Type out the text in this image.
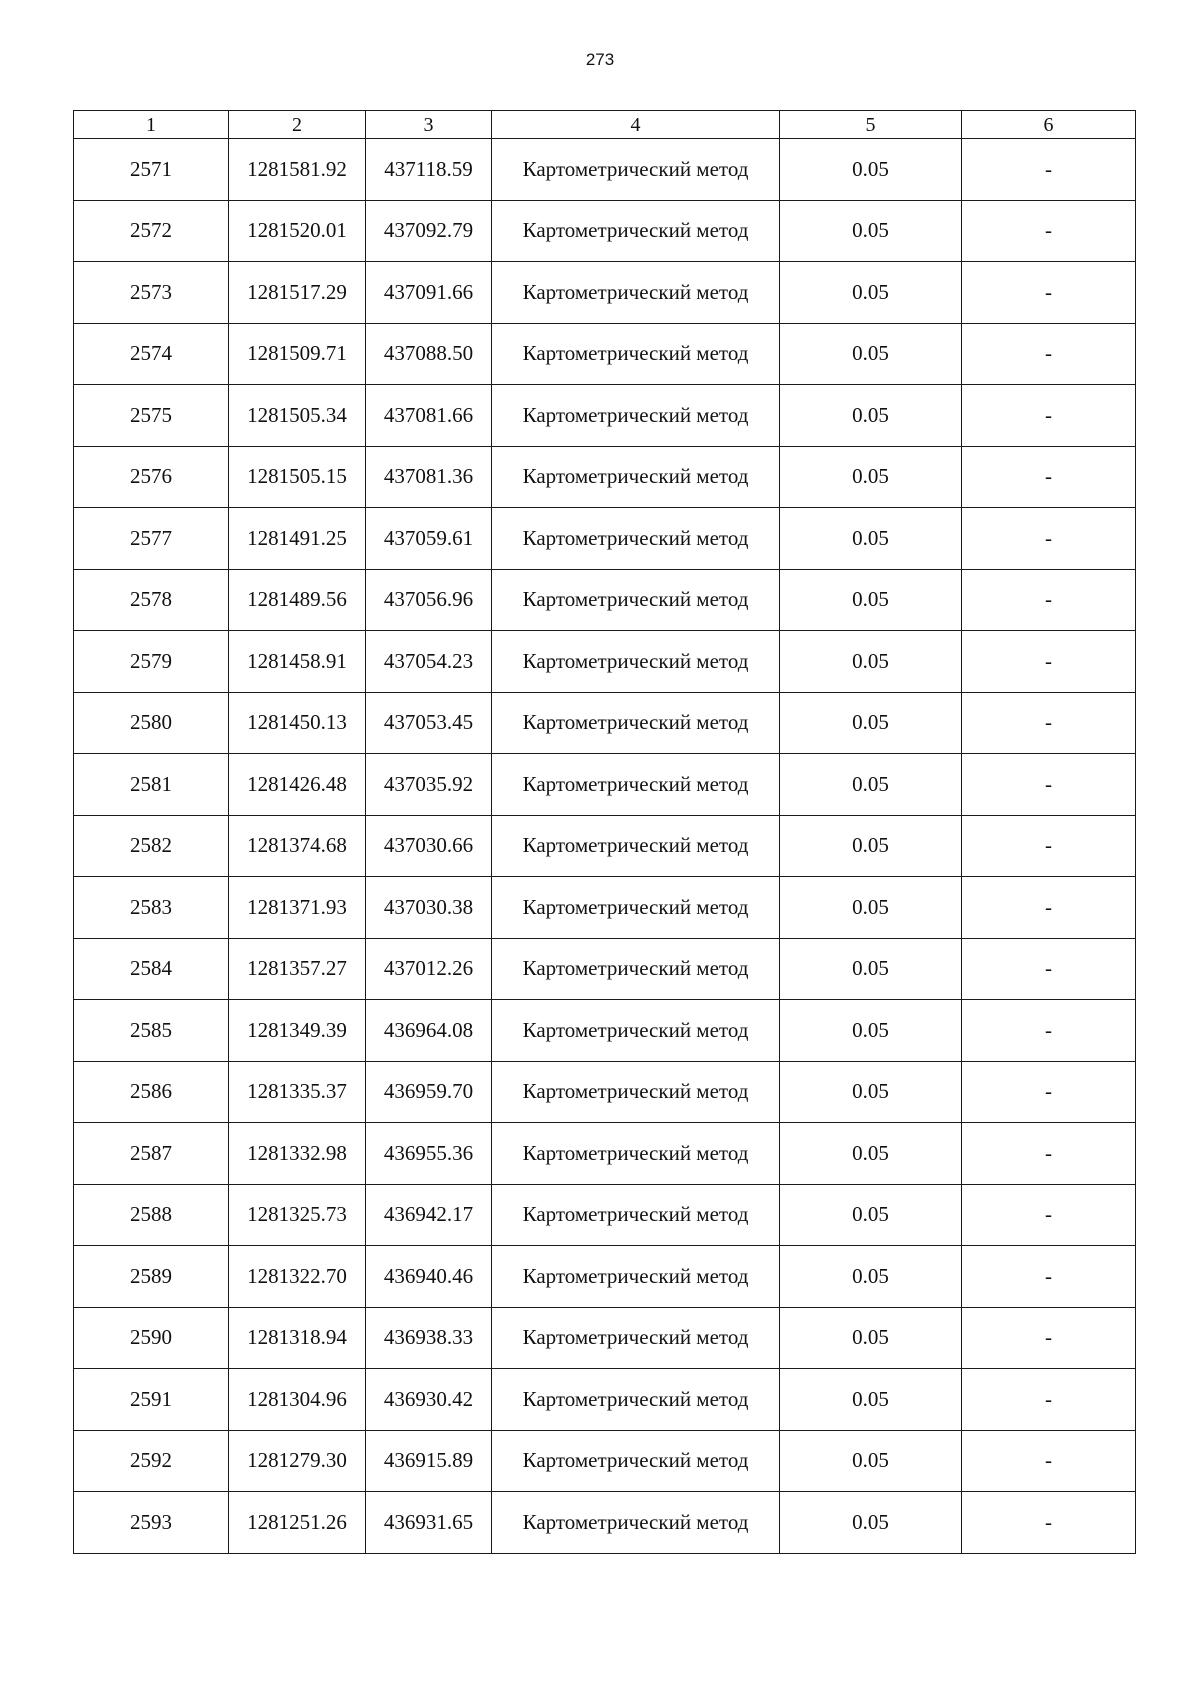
273
1	2	3	4	5	6
2571	1281581.92	437118.59	Картометрический метод	0.05	-
2572	1281520.01	437092.79	Картометрический метод	0.05	-
2573	1281517.29	437091.66	Картометрический метод	0.05	-
2574	1281509.71	437088.50	Картометрический метод	0.05	-
2575	1281505.34	437081.66	Картометрический метод	0.05	-
2576	1281505.15	437081.36	Картометрический метод	0.05	-
2577	1281491.25	437059.61	Картометрический метод	0.05	-
2578	1281489.56	437056.96	Картометрический метод	0.05	-
2579	1281458.91	437054.23	Картометрический метод	0.05	-
2580	1281450.13	437053.45	Картометрический метод	0.05	-
2581	1281426.48	437035.92	Картометрический метод	0.05	-
2582	1281374.68	437030.66	Картометрический метод	0.05	-
2583	1281371.93	437030.38	Картометрический метод	0.05	-
2584	1281357.27	437012.26	Картометрический метод	0.05	-
2585	1281349.39	436964.08	Картометрический метод	0.05	-
2586	1281335.37	436959.70	Картометрический метод	0.05	-
2587	1281332.98	436955.36	Картометрический метод	0.05	-
2588	1281325.73	436942.17	Картометрический метод	0.05	-
2589	1281322.70	436940.46	Картометрический метод	0.05	-
2590	1281318.94	436938.33	Картометрический метод	0.05	-
2591	1281304.96	436930.42	Картометрический метод	0.05	-
2592	1281279.30	436915.89	Картометрический метод	0.05	-
2593	1281251.26	436931.65	Картометрический метод	0.05	-
